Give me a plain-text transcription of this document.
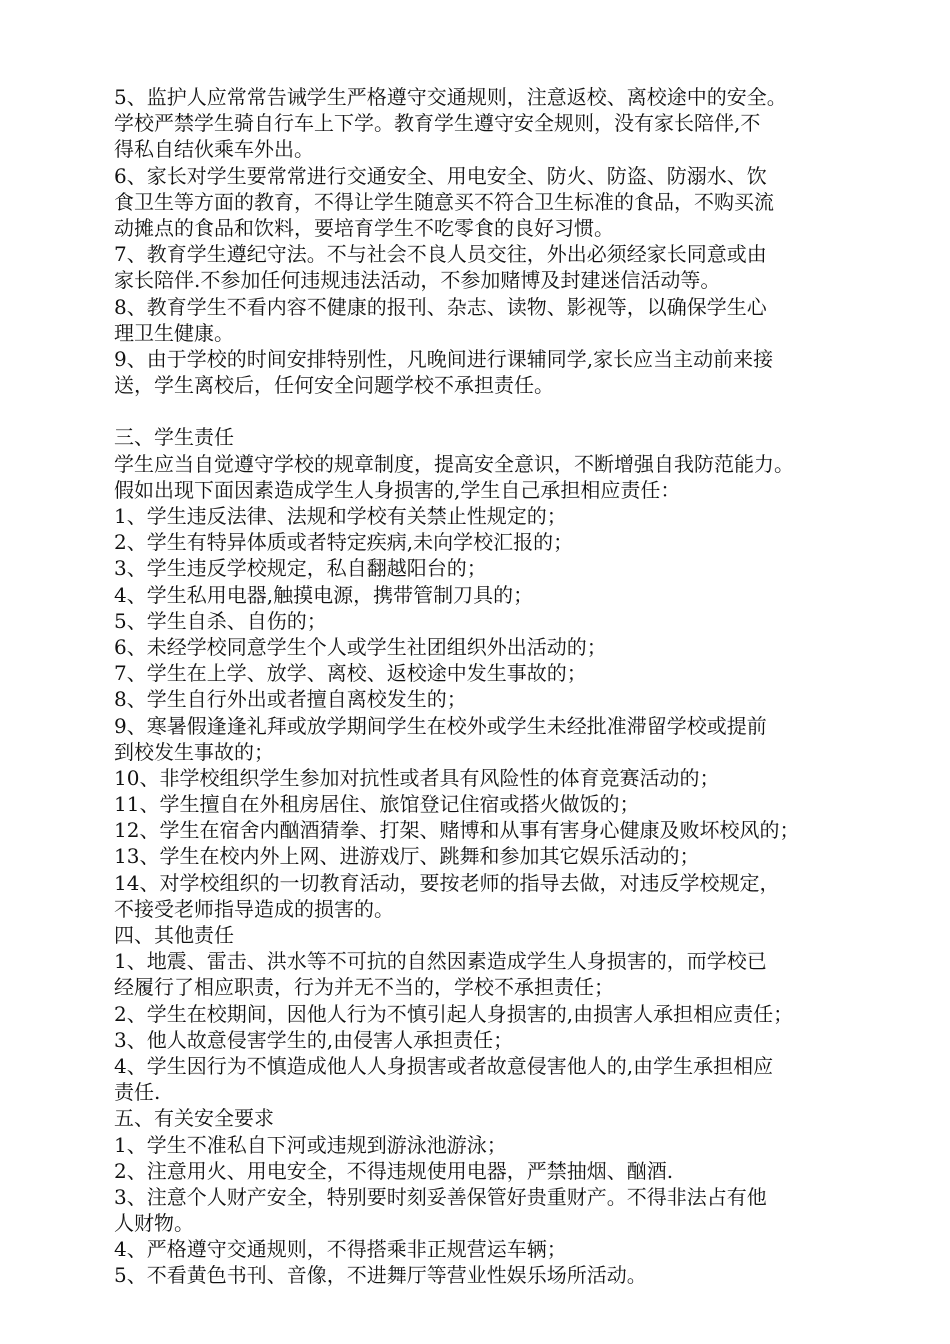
5、监护人应常常告诫学生严格遵守交通规则，注意返校、离校途中的安全。
学校严禁学生骑自行车上下学。教育学生遵守安全规则，没有家长陪伴,不
得私自结伙乘车外出。
6、家长对学生要常常进行交通安全、用电安全、防火、防盗、防溺水、饮
食卫生等方面的教育，不得让学生随意买不符合卫生标准的食品，不购买流
动摊点的食品和饮料，要培育学生不吃零食的良好习惯。
7、教育学生遵纪守法。不与社会不良人员交往，外出必须经家长同意或由
家长陪伴.不参加任何违规违法活动，不参加赌博及封建迷信活动等。
8、教育学生不看内容不健康的报刊、杂志、读物、影视等，以确保学生心
理卫生健康。
9、由于学校的时间安排特别性，凡晚间进行课辅同学,家长应当主动前来接
送，学生离校后，任何安全问题学校不承担责任。
三、学生责任
学生应当自觉遵守学校的规章制度，提高安全意识，不断增强自我防范能力。
假如出现下面因素造成学生人身损害的,学生自己承担相应责任：
1、学生违反法律、法规和学校有关禁止性规定的；
2、学生有特异体质或者特定疾病,未向学校汇报的；
3、学生违反学校规定，私自翻越阳台的；
4、学生私用电器,触摸电源，携带管制刀具的；
5、学生自杀、自伤的；
6、未经学校同意学生个人或学生社团组织外出活动的；
7、学生在上学、放学、离校、返校途中发生事故的；
8、学生自行外出或者擅自离校发生的；
9、寒暑假逢逢礼拜或放学期间学生在校外或学生未经批准滞留学校或提前
到校发生事故的；
10、非学校组织学生参加对抗性或者具有风险性的体育竞赛活动的；
11、学生擅自在外租房居住、旅馆登记住宿或搭火做饭的；
12、学生在宿舍内酗酒猜拳、打架、赌博和从事有害身心健康及败坏校风的；
13、学生在校内外上网、进游戏厅、跳舞和参加其它娱乐活动的；
14、对学校组织的一切教育活动，要按老师的指导去做，对违反学校规定，
不接受老师指导造成的损害的。
四、其他责任
1、地震、雷击、洪水等不可抗的自然因素造成学生人身损害的，而学校已
经履行了相应职责，行为并无不当的，学校不承担责任；
2、学生在校期间，因他人行为不慎引起人身损害的,由损害人承担相应责任；
3、他人故意侵害学生的,由侵害人承担责任；
4、学生因行为不慎造成他人人身损害或者故意侵害他人的,由学生承担相应
责任.
五、有关安全要求
1、学生不准私自下河或违规到游泳池游泳；
2、注意用火、用电安全，不得违规使用电器，严禁抽烟、酗酒.
3、注意个人财产安全，特别要时刻妥善保管好贵重财产。不得非法占有他
人财物。
4、严格遵守交通规则，不得搭乘非正规营运车辆；
5、不看黄色书刊、音像，不进舞厅等营业性娱乐场所活动。
